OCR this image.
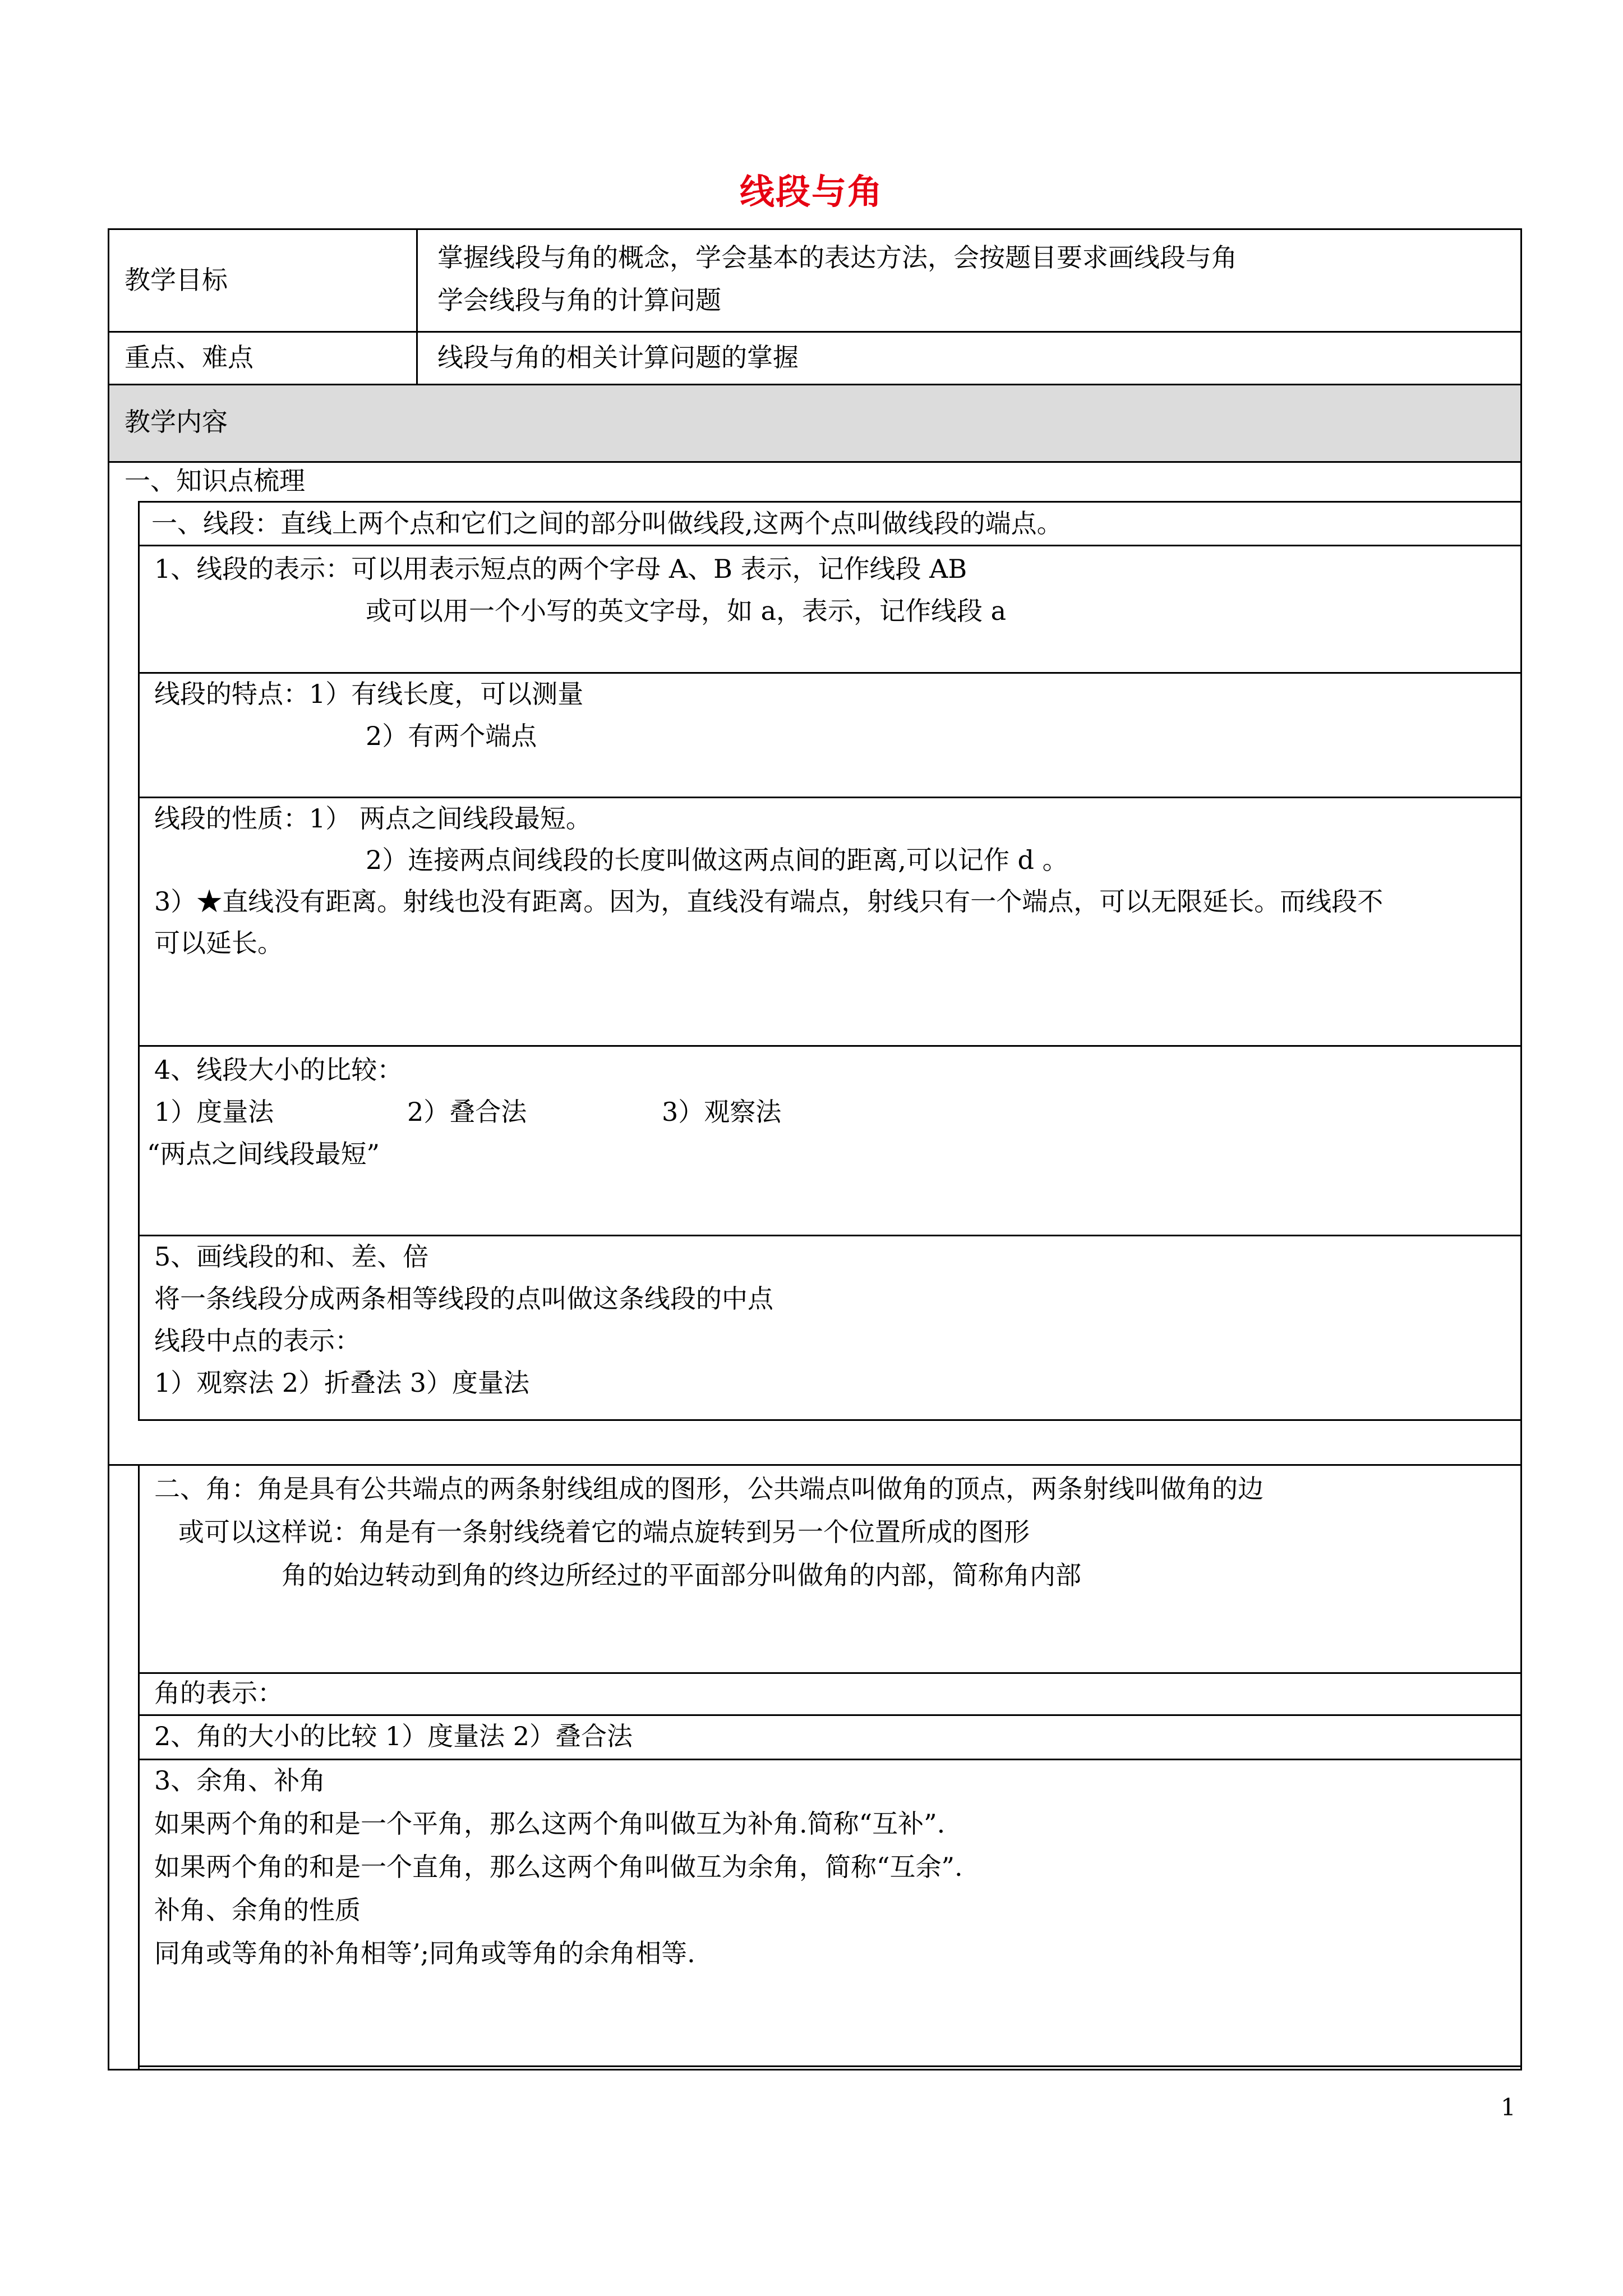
线段与角
教学目标
掌握线段与角的概念，学会基本的表达方法，会按题目要求画线段与角
学会线段与角的计算问题
重点、难点	线段与角的相关计算问题的掌握
教学内容
一、知识点梳理
一、线段：直线上两个点和它们之间的部分叫做线段,这两个点叫做线段的端点。
1、线段的表示：可以用表示短点的两个字母 A、B 表示，记作线段 AB
或可以用一个小写的英文字母，如 a，表示，记作线段 a
线段的特点：1）有线长度，可以测量
2）有两个端点
线段的性质：1） 两点之间线段最短。
2）连接两点间线段的长度叫做这两点间的距离,可以记作 d 。
3）★直线没有距离。射线也没有距离。因为，直线没有端点，射线只有一个端点，可以无限延长。而线段不
可以延长。
4、线段大小的比较：
1）度量法	2）叠合法	3）观察法
“两点之间线段最短”
5、画线段的和、差、倍
将一条线段分成两条相等线段的点叫做这条线段的中点
线段中点的表示：
1）观察法 2）折叠法 3）度量法
二、角：角是具有公共端点的两条射线组成的图形，公共端点叫做角的顶点，两条射线叫做角的边
或可以这样说：角是有一条射线绕着它的端点旋转到另一个位置所成的图形
角的始边转动到角的终边所经过的平面部分叫做角的内部，简称角内部
角的表示：
2、角的大小的比较 1）度量法 2）叠合法
3、余角、补角
如果两个角的和是一个平角，那么这两个角叫做互为补角.简称“互补”.
如果两个角的和是一个直角，那么这两个角叫做互为余角，简称“互余”.
补角、余角的性质
同角或等角的补角相等’;同角或等角的余角相等.
1
